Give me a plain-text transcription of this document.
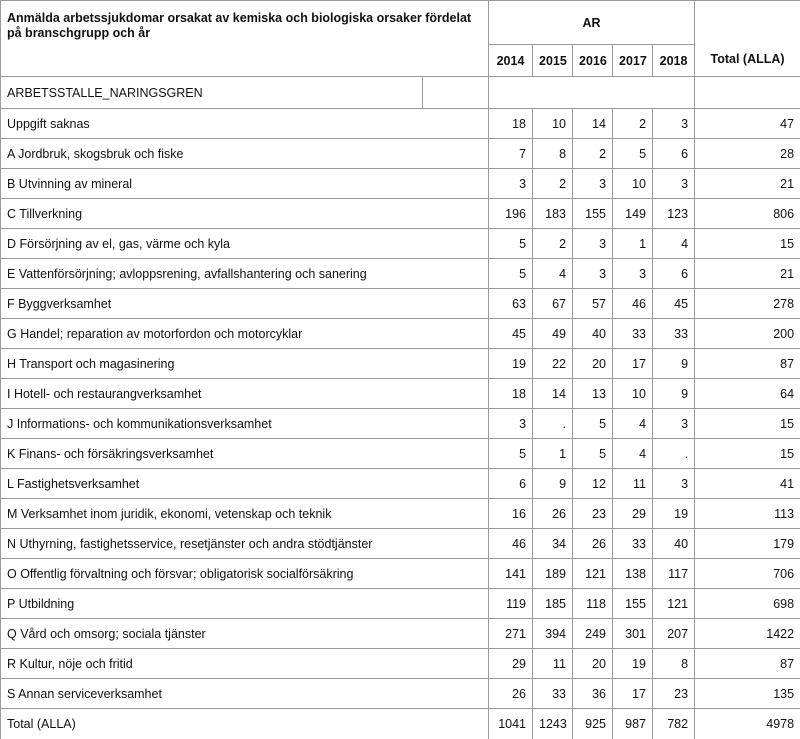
Anmälda arbetssjukdomar orsakat av kemiska och biologiska orsaker fördelat på branschgrupp och år		AR					Total (ALLA)
		2014	2015	2016	2017	2018	
ARBETSSTALLE_NARINGSGREN							
Uppgift saknas		18	10	14	2	3	47
A Jordbruk, skogsbruk och fiske		7	8	2	5	6	28
B Utvinning av mineral		3	2	3	10	3	21
C Tillverkning		196	183	155	149	123	806
D Försörjning av el, gas, värme och kyla		5	2	3	1	4	15
E Vattenförsörjning; avloppsrening, avfallshantering och sanering		5	4	3	3	6	21
F Byggverksamhet		63	67	57	46	45	278
G Handel; reparation av motorfordon och motorcyklar		45	49	40	33	33	200
H Transport och magasinering		19	22	20	17	9	87
I Hotell- och restaurangverksamhet		18	14	13	10	9	64
J Informations- och kommunikationsverksamhet		3	.	5	4	3	15
K Finans- och försäkringsverksamhet		5	1	5	4	.	15
L Fastighetsverksamhet		6	9	12	11	3	41
M Verksamhet inom juridik, ekonomi, vetenskap och teknik		16	26	23	29	19	113
N Uthyrning, fastighetsservice, resetjänster och andra stödtjänster		46	34	26	33	40	179
O Offentlig förvaltning och försvar; obligatorisk socialförsäkring		141	189	121	138	117	706
P Utbildning		119	185	118	155	121	698
Q Vård och omsorg; sociala tjänster		271	394	249	301	207	1422
R Kultur, nöje och fritid		29	11	20	19	8	87
S Annan serviceverksamhet		26	33	36	17	23	135
Total (ALLA)		1041	1243	925	987	782	4978
